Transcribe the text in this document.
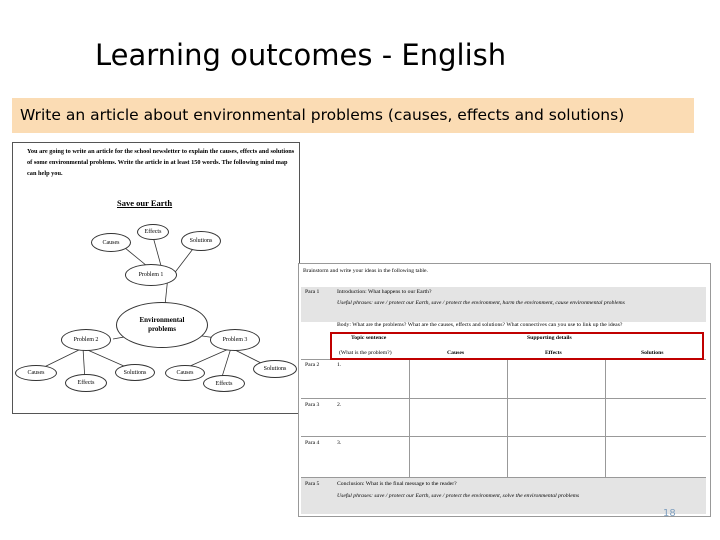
Learning outcomes - English
Write an article about environmental problems (causes, effects and solutions)
You are going to write an article for the school newsletter to explain the causes, effects and solutions of some environmental problems. Write the article in at least 150 words. The following mind map can help you.
Save our Earth
Effects
Causes	Solutions
Problem 1
Environmental problems
Problem 2	Problem 3
Causes
Effects
Solutions	Causes
Effects
Solutions
Brainstorm and write your ideas in the following table.
Para 1	Introduction: What happens to our Earth?
Useful phrases: save / protect our Earth, save / protect the environment, harm the environment, cause environmental problems
Body: What are the problems? What are the causes, effects and solutions? What connectives can you use to link up the ideas?
Topic sentence
(What is the problem?)
Supporting details
Causes	Effects	Solutions
Para 2	1.
Para 3	2.
Para 4	3.
Para 5	Conclusion: What is the final message to the reader?
Useful phrases: save / protect our Earth, save / protect the environment, solve the environmental problems
18
